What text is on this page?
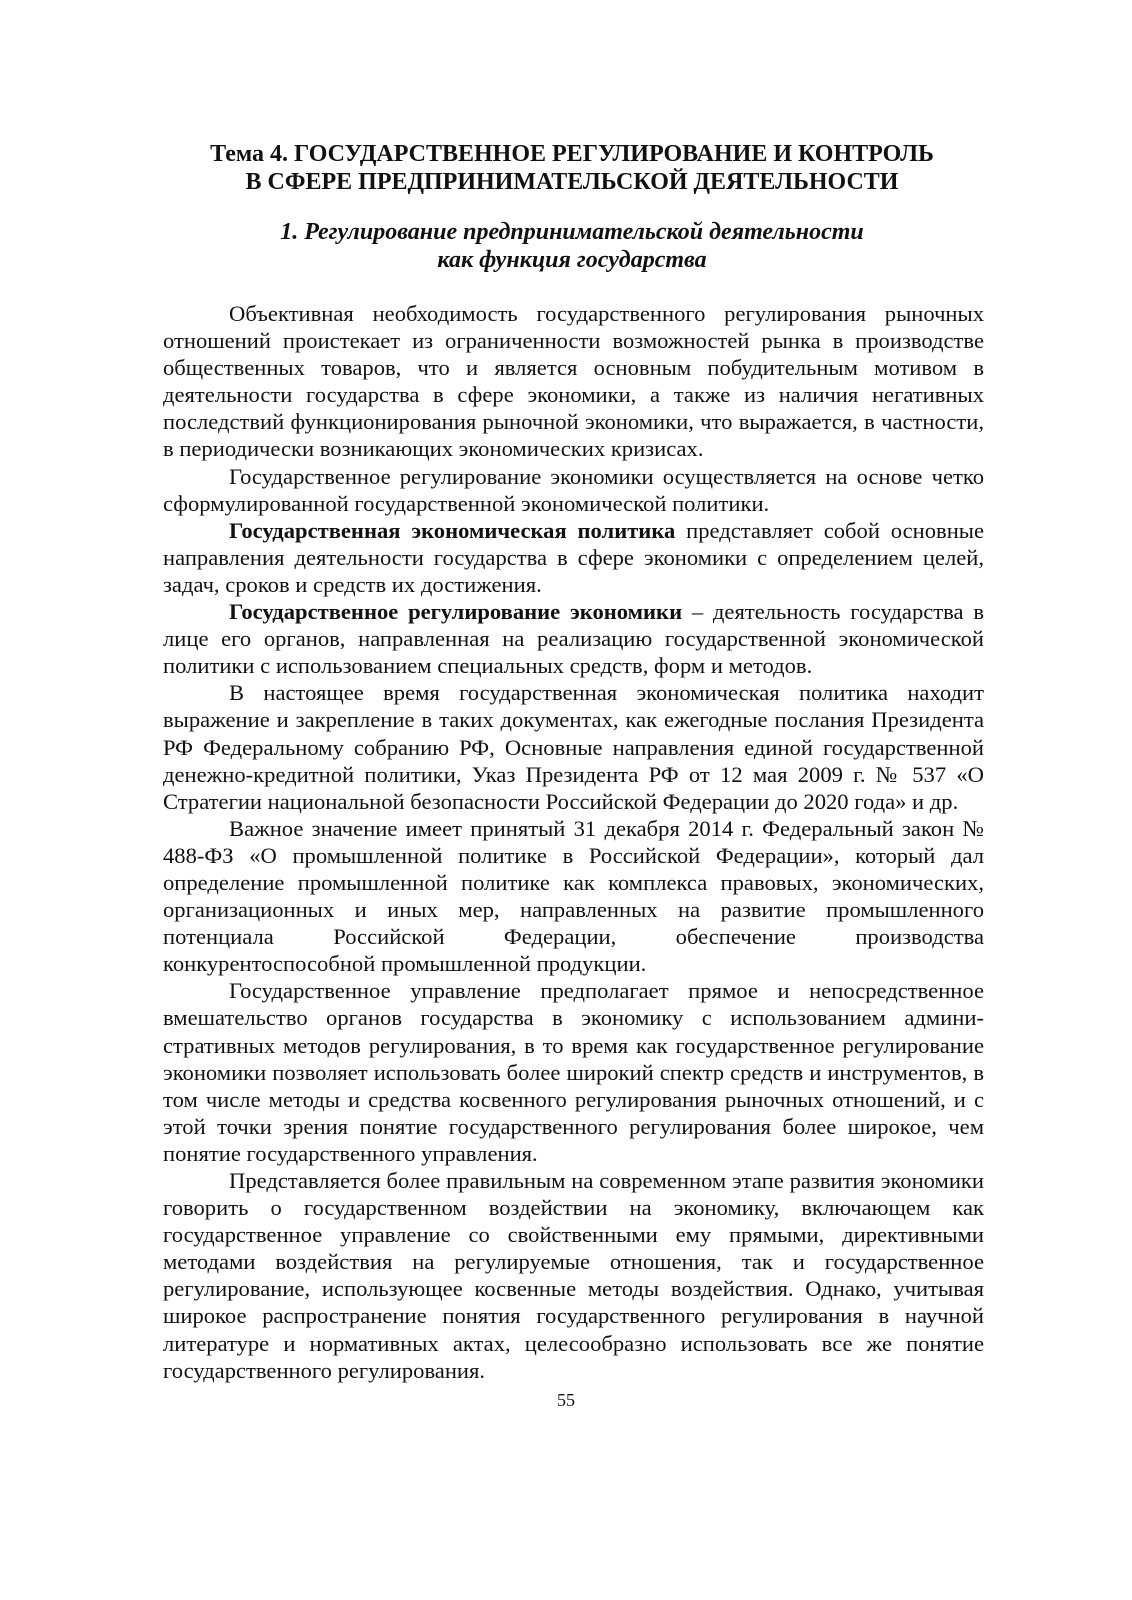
Тема 4. ГОСУДАРСТВЕННОЕ РЕГУЛИРОВАНИЕ И КОНТРОЛЬ
В СФЕРЕ ПРЕДПРИНИМАТЕЛЬСКОЙ ДЕЯТЕЛЬНОСТИ
1. Регулирование предпринимательской деятельности
как функция государства

Объективная необходимость государственного регулирования рыночных отношений проистекает из ограниченности возможностей рынка в производстве общественных товаров, что и является основным побудительным мотивом в деятельности государства в сфере экономики, а также из наличия негативных последствий функционирования рыночной экономики, что выражается, в частности, в периодически возникающих экономических кризисах.

Государственное регулирование экономики осуществляется на основе четко сформулированной государственной экономической политики.

Государственная экономическая политика представляет собой основные направления деятельности государства в сфере экономики с определением целей, задач, сроков и средств их достижения.

Государственное регулирование экономики – деятельность государства в лице его органов, направленная на реализацию государственной экономической политики с использованием специальных средств, форм и методов.

В настоящее время государственная экономическая политика находит выражение и закрепление в таких документах, как ежегодные послания Президента РФ Федеральному собранию РФ, Основные направления единой государственной денежно-кредитной политики, Указ Президента РФ от 12 мая 2009 г. № 537 «О Стратегии национальной безопасности Российской Федерации до 2020 года» и др.

Важное значение имеет принятый 31 декабря 2014 г. Федеральный закон № 488-ФЗ «О промышленной политике в Российской Федерации», который дал определение промышленной политике как комплекса правовых, экономических, организационных и иных мер, направленных на развитие промышленного потенциала Российской Федерации, обеспечение производства конкурентоспособной промышленной продукции.

Государственное управление предполагает прямое и непосредственное вмешательство органов государства в экономику с использованием административных методов регулирования, в то время как государственное регулирование экономики позволяет использовать более широкий спектр средств и инструментов, в том числе методы и средства косвенного регулирования рыночных отношений, и с этой точки зрения понятие государственного регулирования более широкое, чем понятие государственного управления.

Представляется более правильным на современном этапе развития экономики говорить о государственном воздействии на экономику, включающем как государственное управление со свойственными ему прямыми, директивными методами воздействия на регулируемые отношения, так и государственное регулирование, использующее косвенные методы воздействия. Однако, учитывая широкое распространение понятия государственного регулирования в научной литературе и нормативных актах, целесообразно использовать все же понятие государственного регулирования.

55
